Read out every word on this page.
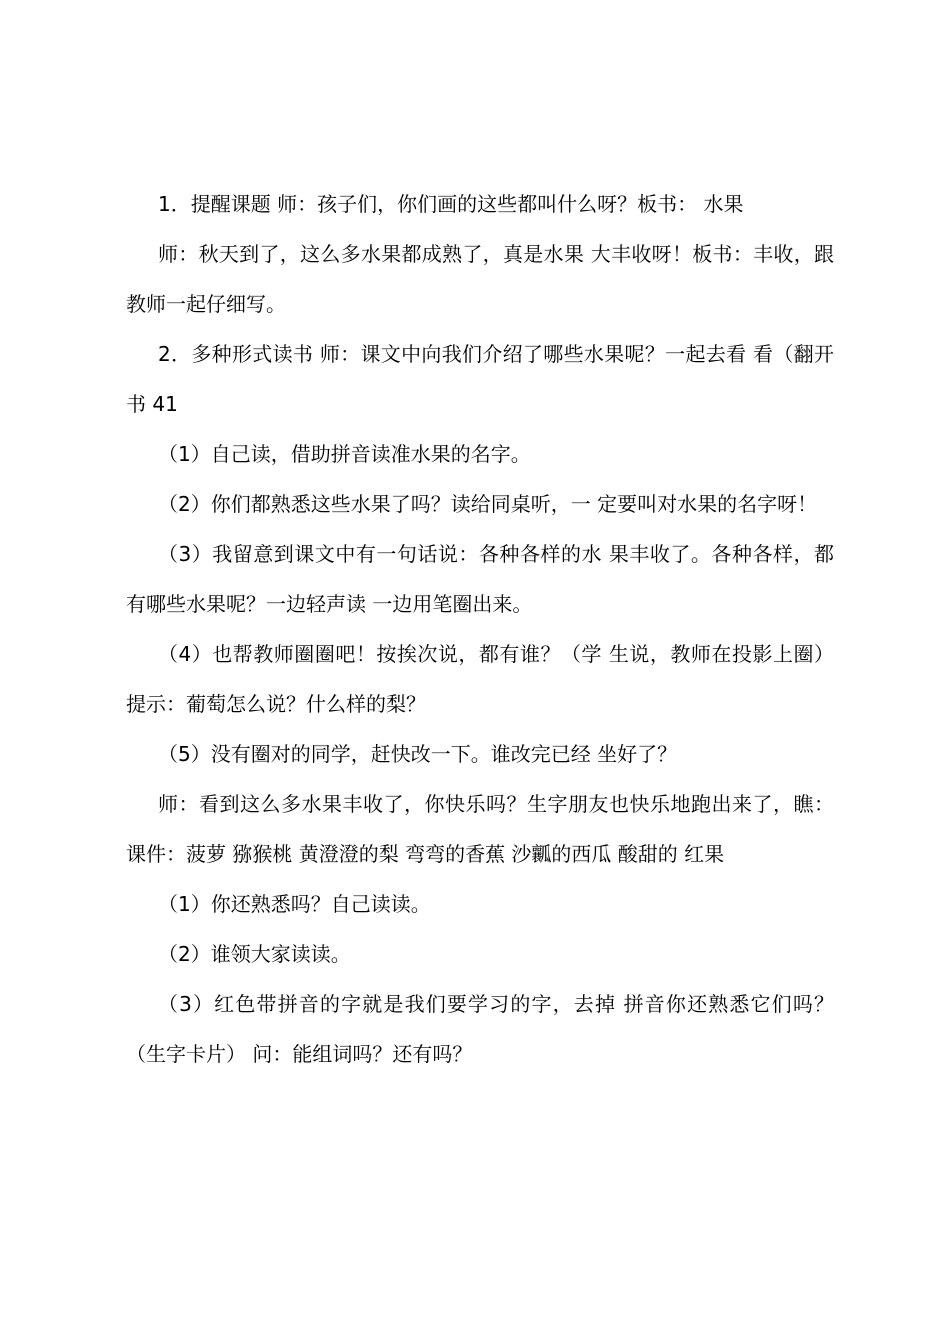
1．提醒课题 师：孩子们，你们画的这些都叫什么呀？板书： 水果

师：秋天到了，这么多水果都成熟了，真是水果 大丰收呀！板书：丰收，跟教师一起仔细写。

2．多种形式读书 师：课文中向我们介绍了哪些水果呢？一起去看 看（翻开书 41

（1）自己读，借助拼音读准水果的名字。

（2）你们都熟悉这些水果了吗？读给同桌听，一 定要叫对水果的名字呀！

（3）我留意到课文中有一句话说：各种各样的水 果丰收了。各种各样，都有哪些水果呢？一边轻声读 一边用笔圈出来。

（4）也帮教师圈圈吧！按挨次说，都有谁？（学 生说，教师在投影上圈） 提示：葡萄怎么说？什么样的梨？

（5）没有圈对的同学，赶快改一下。谁改完已经 坐好了？

师：看到这么多水果丰收了，你快乐吗？生字朋友也快乐地跑出来了，瞧： 课件：菠萝 猕猴桃 黄澄澄的梨 弯弯的香蕉 沙瓤的西瓜 酸甜的 红果

（1）你还熟悉吗？自己读读。

（2）谁领大家读读。

（3）红色带拼音的字就是我们要学习的字，去掉 拼音你还熟悉它们吗？（生字卡片） 问：能组词吗？还有吗？
